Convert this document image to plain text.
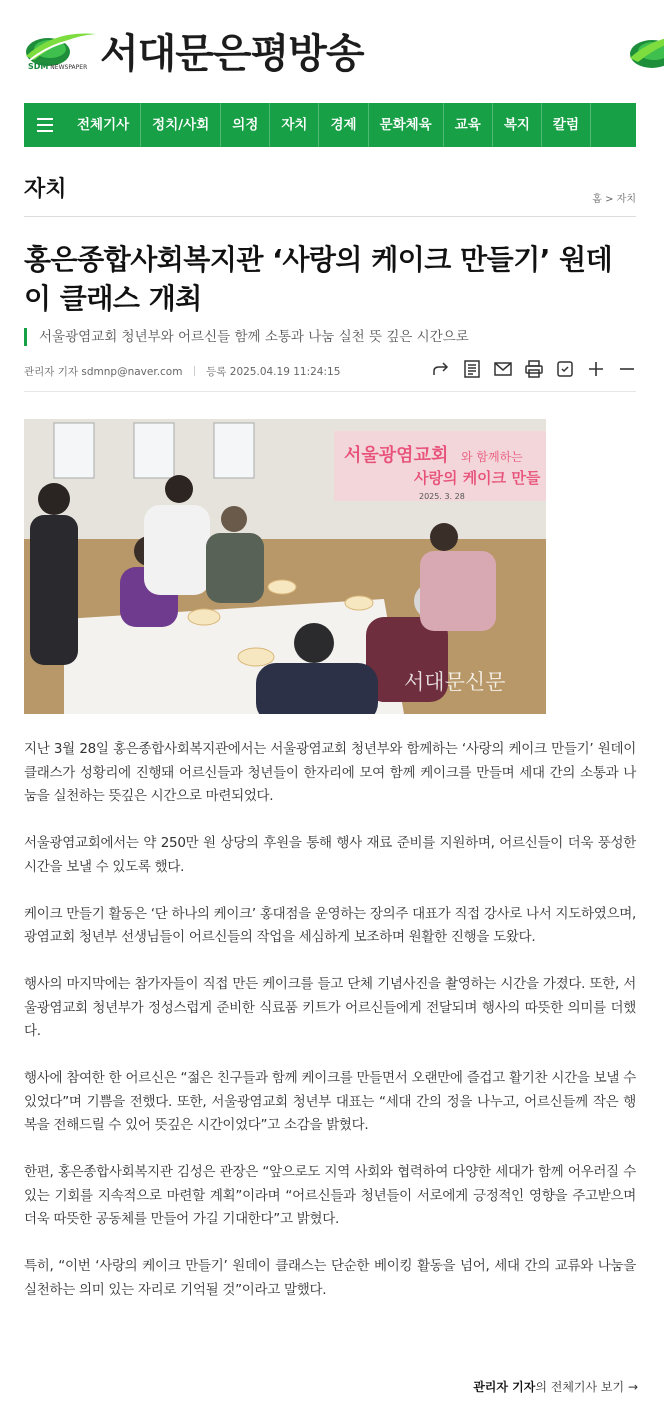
서대문은평방송
SDM NEWSPAPER
전체기사	정치/사회	의정	자치	경제	문화체육	교육	복지	칼럼
자치	홈 > 자치
홍은종합사회복지관 ‘사랑의 케이크 만들기’ 원데이 클래스 개최
서울광염교회 청년부와 어르신들 함께 소통과 나눔 실천 뜻 깊은 시간으로
관리자 기자 sdmnp@naver.com 등록 2025.04.19 11:24:15
서울광염교회 와 함께하는
사랑의 케이크 만들
2025. 3. 28
서대문신문

지난 3월 28일 홍은종합사회복지관에서는 서울광염교회 청년부와 함께하는 ‘사랑의 케이크 만들기’ 원데이 클래스가 성황리에 진행돼 어르신들과 청년들이 한자리에 모여 함께 케이크를 만들며 세대 간의 소통과 나눔을 실천하는 뜻깊은 시간으로 마련되었다.

서울광염교회에서는 약 250만 원 상당의 후원을 통해 행사 재료 준비를 지원하며, 어르신들이 더욱 풍성한 시간을 보낼 수 있도록 했다.

케이크 만들기 활동은 ‘단 하나의 케이크’ 홍대점을 운영하는 장의주 대표가 직접 강사로 나서 지도하였으며, 광염교회 청년부 선생님들이 어르신들의 작업을 세심하게 보조하며 원활한 진행을 도왔다.

행사의 마지막에는 참가자들이 직접 만든 케이크를 들고 단체 기념사진을 촬영하는 시간을 가졌다. 또한, 서울광염교회 청년부가 정성스럽게 준비한 식료품 키트가 어르신들에게 전달되며 행사의 따뜻한 의미를 더했다.

행사에 참여한 한 어르신은 “젊은 친구들과 함께 케이크를 만들면서 오랜만에 즐겁고 활기찬 시간을 보낼 수 있었다”며 기쁨을 전했다. 또한, 서울광염교회 청년부 대표는 “세대 간의 정을 나누고, 어르신들께 작은 행복을 전해드릴 수 있어 뜻깊은 시간이었다”고 소감을 밝혔다.

한편, 홍은종합사회복지관 김성은 관장은 “앞으로도 지역 사회와 협력하여 다양한 세대가 함께 어우러질 수 있는 기회를 지속적으로 마련할 계획”이라며 “어르신들과 청년들이 서로에게 긍정적인 영향을 주고받으며 더욱 따뜻한 공동체를 만들어 가길 기대한다”고 밝혔다.

특히, “이번 ‘사랑의 케이크 만들기’ 원데이 클래스는 단순한 베이킹 활동을 넘어, 세대 간의 교류와 나눔을 실천하는 의미 있는 자리로 기억될 것”이라고 말했다.

관리자 기자의 전체기사 보기 →
